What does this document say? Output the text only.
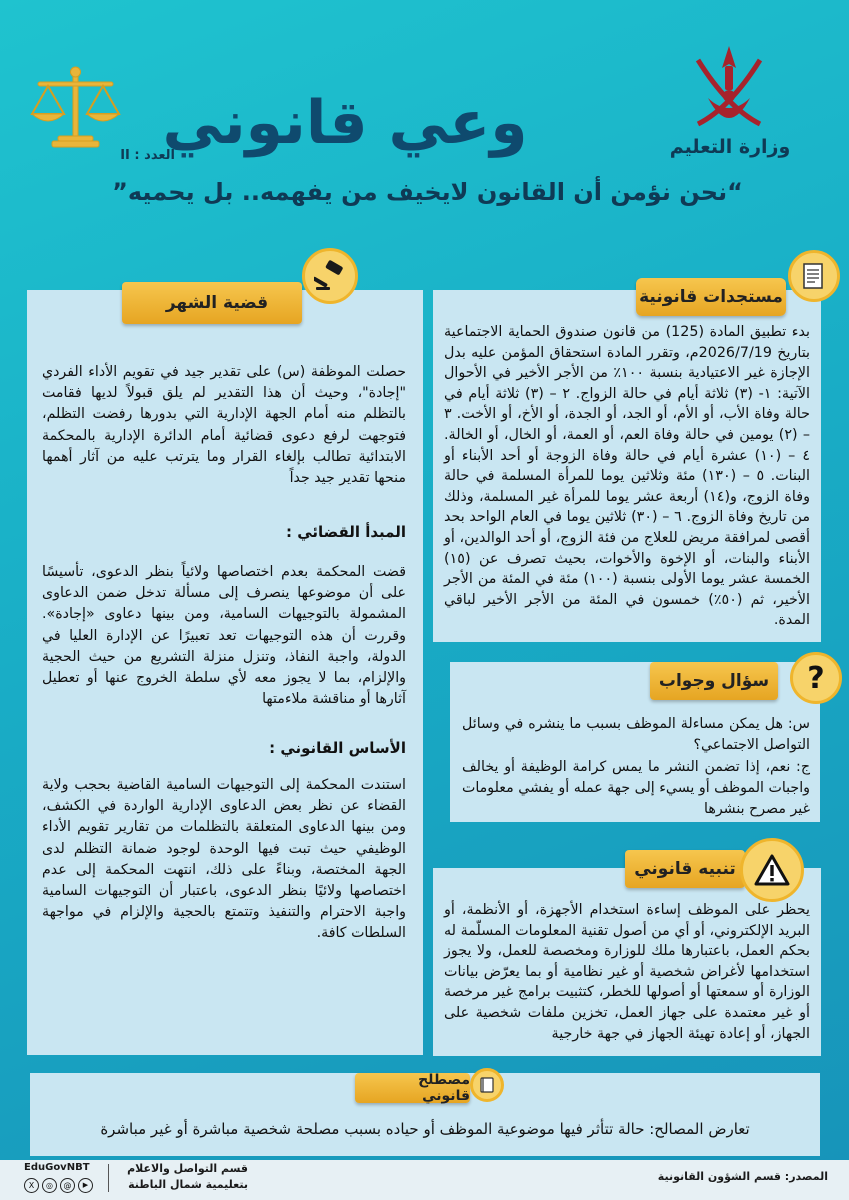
وعي قانوني
العدد : II	وزارة التعليم
“نحن نؤمن أن القانون لايخيف من يفهمه.. بل يحميه”
قضية الشهر
حصلت الموظفة (س) على تقدير جيد في تقويم الأداء الفردي "إجادة"، وحيث أن هذا التقدير لم يلق قبولاً لديها فقامت بالتظلم منه أمام الجهة الإدارية التي بدورها رفضت التظلم، فتوجهت لرفع دعوى قضائية أمام الدائرة الإدارية بالمحكمة الابتدائية تطالب بإلغاء القرار وما يترتب عليه من آثار أهمها منحها تقدير جيد جداً
المبدأ القضائي :
قضت المحكمة بعدم اختصاصها ولائياً بنظر الدعوى، تأسيسًا على أن موضوعها ينصرف إلى مسألة تدخل ضمن الدعاوى المشمولة بالتوجيهات السامية، ومن بينها دعاوى «إجادة». وقررت أن هذه التوجيهات تعد تعبيرًا عن الإدارة العليا في الدولة، واجبة النفاذ، وتنزل منزلة التشريع من حيث الحجية والإلزام، بما لا يجوز معه لأي سلطة الخروج عنها أو تعطيل آثارها أو مناقشة ملاءمتها
الأساس القانوني :
استندت المحكمة إلى التوجيهات السامية القاضية بحجب ولاية القضاء عن نظر بعض الدعاوى الإدارية الواردة في الكشف، ومن بينها الدعاوى المتعلقة بالتظلمات من تقارير تقويم الأداء الوظيفي حيث تبت فيها الوحدة لوجود ضمانة التظلم لدى الجهة المختصة، وبناءً على ذلك، انتهت المحكمة إلى عدم اختصاصها ولائيًا بنظر الدعوى، باعتبار أن التوجيهات السامية واجبة الاحترام والتنفيذ وتتمتع بالحجية والإلزام في مواجهة السلطات كافة.
مستجدات قانونية
بدء تطبيق المادة (125) من قانون صندوق الحماية الاجتماعية بتاريخ 2026/7/19م، وتقرر المادة استحقاق المؤمن عليه بدل الإجازة غير الاعتيادية بنسبة ١٠٠٪ من الأجر الأخير في الأحوال الآتية: ١- (٣) ثلاثة أيام في حالة الزواج. ٢ – (٣) ثلاثة أيام في حالة وفاة الأب، أو الأم، أو الجد، أو الجدة، أو الأخ، أو الأخت. ٣ – (٢) يومين في حالة وفاة العم، أو العمة، أو الخال، أو الخالة. ٤ – (١٠) عشرة أيام في حالة وفاة الزوجة أو أحد الأبناء أو البنات. ٥ – (١٣٠) مئة وثلاثين يوما للمرأة المسلمة في حالة وفاة الزوج، و(١٤) أربعة عشر يوما للمرأة غير المسلمة، وذلك من تاريخ وفاة الزوج. ٦ – (٣٠) ثلاثين يوما في العام الواحد بحد أقصى لمرافقة مريض للعلاج من فئة الزوج، أو أحد الوالدين، أو الأبناء والبنات، أو الإخوة والأخوات، بحيث تصرف عن (١٥) الخمسة عشر يوما الأولى بنسبة (١٠٠) مئة في المئة من الأجر الأخير، ثم (٥٠٪) خمسون في المئة من الأجر الأخير لباقي المدة.
سؤال وجواب	?
س: هل يمكن مساءلة الموظف بسبب ما ينشره في وسائل التواصل الاجتماعي؟
ج: نعم، إذا تضمن النشر ما يمس كرامة الوظيفة أو يخالف واجبات الموظف أو يسيء إلى جهة عمله أو يفشي معلومات غير مصرح بنشرها
تنبيه قانوني
يحظر على الموظف إساءة استخدام الأجهزة، أو الأنظمة، أو البريد الإلكتروني، أو أي من أصول تقنية المعلومات المسلّمة له بحكم العمل، باعتبارها ملك للوزارة ومخصصة للعمل، ولا يجوز استخدامها لأغراض شخصية أو غير نظامية أو بما يعرّض بيانات الوزارة أو سمعتها أو أصولها للخطر، كتثبيت برامج غير مرخصة أو غير معتمدة على جهاز العمل، تخزين ملفات شخصية على الجهاز، أو إعادة تهيئة الجهاز في جهة خارجية
مصطلح قانوني
تعارض المصالح: حالة تتأثر فيها موضوعية الموظف أو حياده بسبب مصلحة شخصية مباشرة أو غير مباشرة
المصدر: قسم الشؤون القانونية
قسم التواصل والاعلام
بتعليمية شمال الباطنة
EduGovNBT
X	◎	@	▶
